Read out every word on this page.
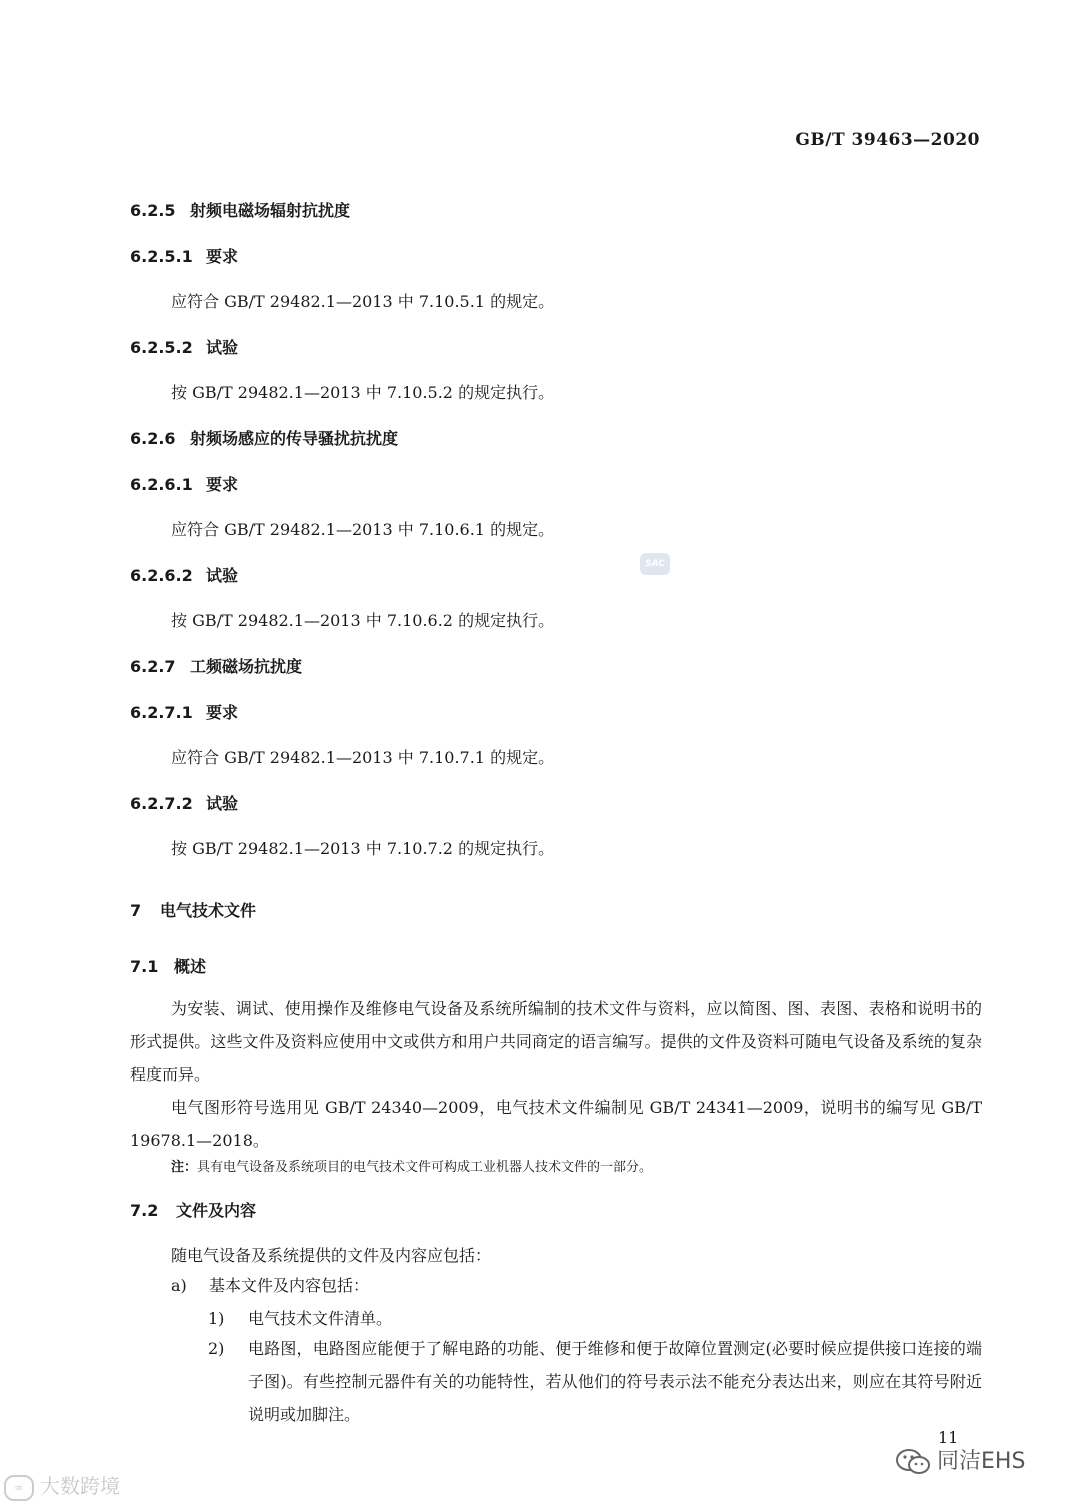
GB/T 39463—2020
6.2.5 射频电磁场辐射抗扰度
6.2.5.1 要求
应符合 GB/T 29482.1—2013 中 7.10.5.1 的规定。
6.2.5.2 试验
按 GB/T 29482.1—2013 中 7.10.5.2 的规定执行。
6.2.6 射频场感应的传导骚扰抗扰度
6.2.6.1 要求
应符合 GB/T 29482.1—2013 中 7.10.6.1 的规定。
6.2.6.2 试验
按 GB/T 29482.1—2013 中 7.10.6.2 的规定执行。
6.2.7 工频磁场抗扰度
6.2.7.1 要求
应符合 GB/T 29482.1—2013 中 7.10.7.1 的规定。
6.2.7.2 试验
按 GB/T 29482.1—2013 中 7.10.7.2 的规定执行。
7 电气技术文件
7.1 概述
为安装、调试、使用操作及维修电气设备及系统所编制的技术文件与资料，应以简图、图、表图、表格和说明书的形式提供。这些文件及资料应使用中文或供方和用户共同商定的语言编写。提供的文件及资料可随电气设备及系统的复杂程度而异。
电气图形符号选用见 GB/T 24340—2009，电气技术文件编制见 GB/T 24341—2009，说明书的编写见 GB/T 19678.1—2018。
注：具有电气设备及系统项目的电气技术文件可构成工业机器人技术文件的一部分。
7.2 文件及内容
随电气设备及系统提供的文件及内容应包括：
a) 基本文件及内容包括：
1) 电气技术文件清单。
2) 电路图，电路图应能便于了解电路的功能、便于维修和便于故障位置测定(必要时候应提供接口连接的端子图)。有些控制元器件有关的功能特性，若从他们的符号表示法不能充分表达出来，则应在其符号附近说明或加脚注。
11
SAC
同洁EHS
∞ 大数跨境
